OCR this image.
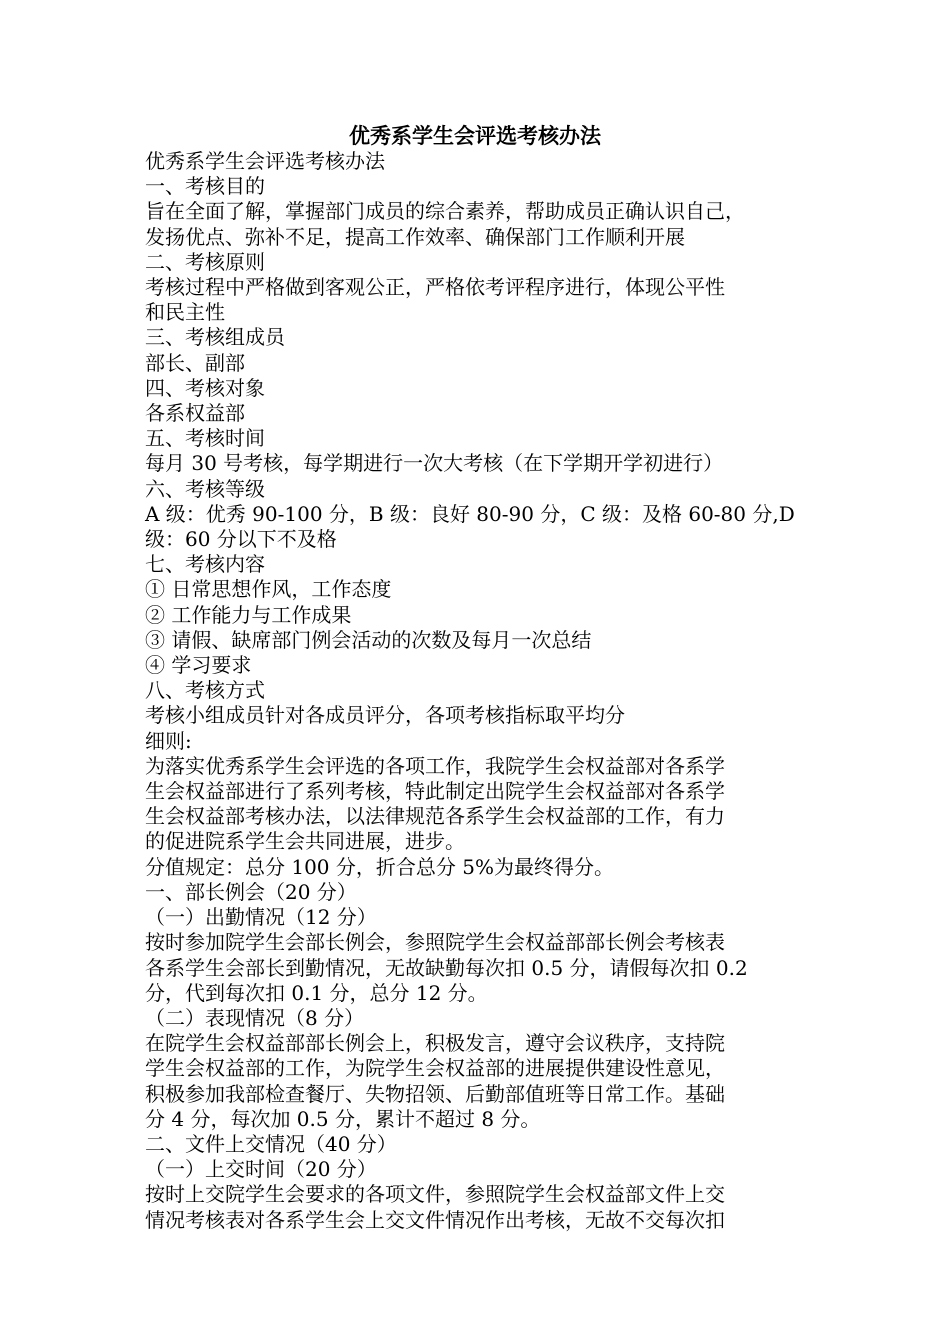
优秀系学生会评选考核办法

优秀系学生会评选考核办法

一、考核目的

旨在全面了解，掌握部门成员的综合素养，帮助成员正确认识自己，

发扬优点、弥补不足，提高工作效率、确保部门工作顺利开展

二、考核原则

考核过程中严格做到客观公正，严格依考评程序进行，体现公平性

和民主性

三、考核组成员

部长、副部

四、考核对象

各系权益部

五、考核时间

每月 30 号考核，每学期进行一次大考核（在下学期开学初进行）

六、考核等级

A 级：优秀 90-100 分，B 级：良好 80-90 分，C 级：及格 60-80 分,D

级：60 分以下不及格

七、考核内容

① 日常思想作风，工作态度

② 工作能力与工作成果

③ 请假、缺席部门例会活动的次数及每月一次总结

④ 学习要求

八、考核方式

考核小组成员针对各成员评分，各项考核指标取平均分

细则:

为落实优秀系学生会评选的各项工作，我院学生会权益部对各系学

生会权益部进行了系列考核，特此制定出院学生会权益部对各系学

生会权益部考核办法，以法律规范各系学生会权益部的工作，有力

的促进院系学生会共同进展，进步。

分值规定：总分 100 分，折合总分 5%为最终得分。

一、部长例会（20 分）

（一）出勤情况（12 分）

按时参加院学生会部长例会，参照院学生会权益部部长例会考核表

各系学生会部长到勤情况，无故缺勤每次扣 0.5 分，请假每次扣 0.2

分，代到每次扣 0.1 分，总分 12 分。

（二）表现情况（8 分）

在院学生会权益部部长例会上，积极发言，遵守会议秩序，支持院

学生会权益部的工作，为院学生会权益部的进展提供建设性意见，

积极参加我部检查餐厅、失物招领、后勤部值班等日常工作。基础

分 4 分，每次加 0.5 分，累计不超过 8 分。

二、文件上交情况（40 分）

（一）上交时间（20 分）

按时上交院学生会要求的各项文件，参照院学生会权益部文件上交

情况考核表对各系学生会上交文件情况作出考核，无故不交每次扣
